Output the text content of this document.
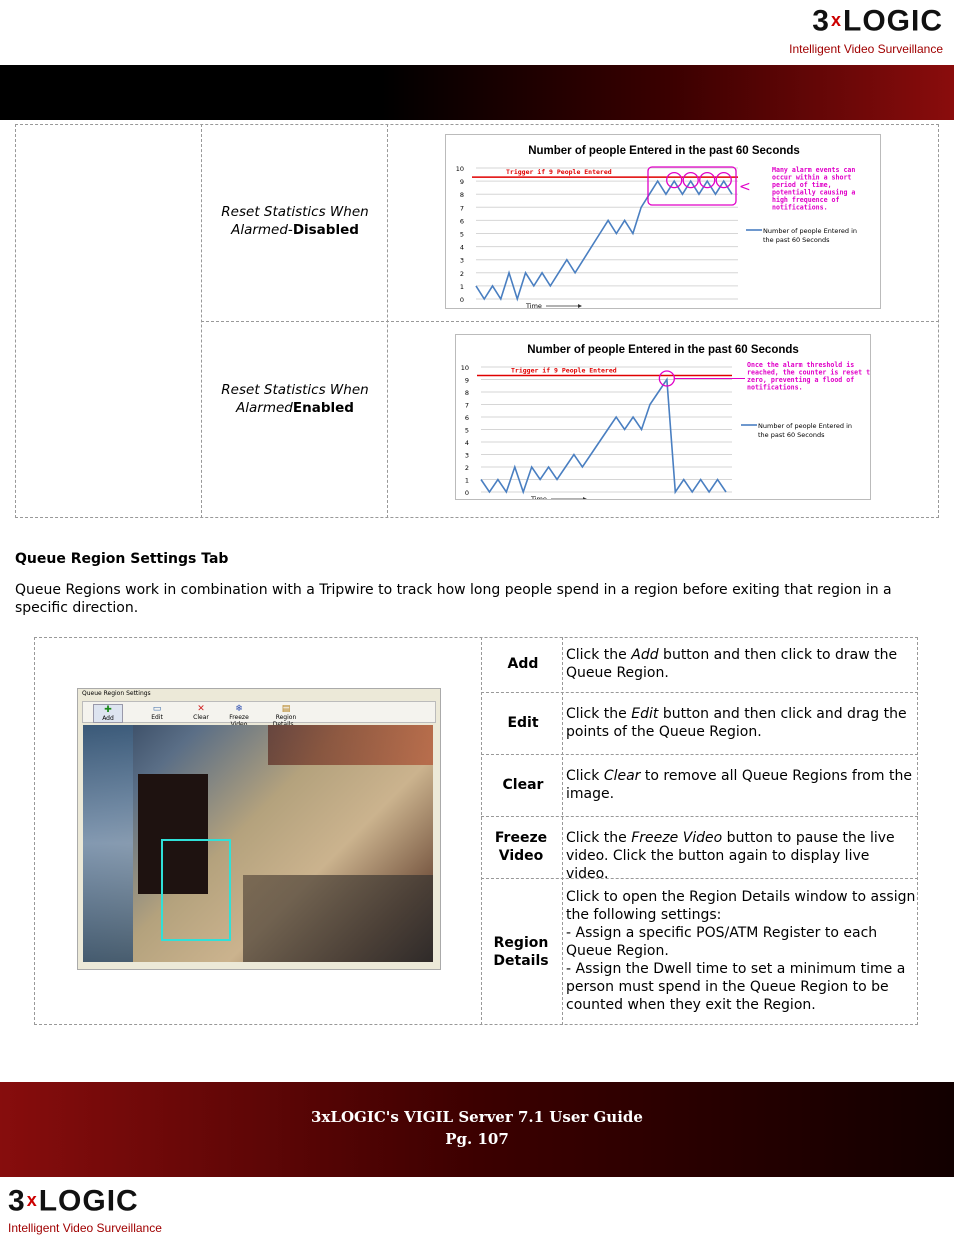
3xLOGIC
Intelligent Video Surveillance
Reset Statistics When
Alarmed-Disabled
Reset Statistics When
AlarmedEnabled
Number of people Entered in the past 60 Seconds
0
1
2
3
4
5
6
7
8
9
10	Trigger if 9 People Entered
Time
Number of people Entered in
the past 60 Seconds
Many alarm events can
occur within a short
period of time,
potentially causing a
high frequence of
notifications.
<
Number of people Entered in the past 60 Seconds
0
1
2
3
4
5
6
7
8
9
10	Trigger if 9 People Entered
Time
Number of people Entered in
the past 60 Seconds
Once the alarm threshold is
reached, the counter is reset to
zero, preventing a flood of
notifications.
Queue Region Settings Tab
Queue Regions work in combination with a Tripwire to track how long people spend in a region before exiting that region in a specific direction.
Queue Region Settings
✚
Add
▭
Edit
✕
Clear
❄
Freeze
▤
Region
Add
Edit
Clear
Freeze
Video
Region
Details
Click the Add button and then click to draw the Queue Region.
Click the Edit button and then click and drag the points of the Queue Region.
Click Clear to remove all Queue Regions from the image.
Click the Freeze Video button to pause the live video. Click the button again to display live video.
Click to open the Region Details window to assign the following settings:
- Assign a specific POS/ATM Register to each Queue Region.
- Assign the Dwell time to set a minimum time a person must spend in the Queue Region to be counted when they exit the Region.
3xLOGIC's VIGIL Server 7.1 User Guide
Pg. 107
3xLOGIC
Intelligent Video Surveillance
